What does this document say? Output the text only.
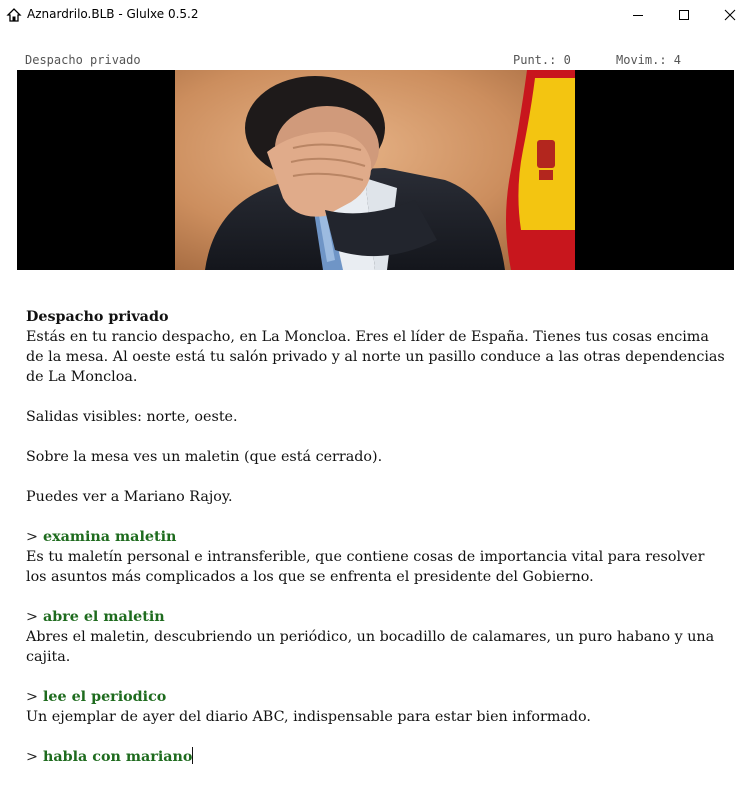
Aznardrilo.BLB - Glulxe 0.5.2
Despacho privado	Punt.: 0	Movim.: 4

Despacho privado

Estás en tu rancio despacho, en La Moncloa. Eres el líder de España. Tienes tus cosas encima de la mesa. Al oeste está tu salón privado y al norte un pasillo conduce a las otras dependencias de La Moncloa.

Salidas visibles: norte, oeste.

Sobre la mesa ves un maletin (que está cerrado).

Puedes ver a Mariano Rajoy.

> examina maletin

Es tu maletín personal e intransferible, que contiene cosas de importancia vital para resolver los asuntos más complicados a los que se enfrenta el presidente del Gobierno.

> abre el maletin

Abres el maletin, descubriendo un periódico, un bocadillo de calamares, un puro habano y una cajita.

> lee el periodico

Un ejemplar de ayer del diario ABC, indispensable para estar bien informado.

> habla con mariano
